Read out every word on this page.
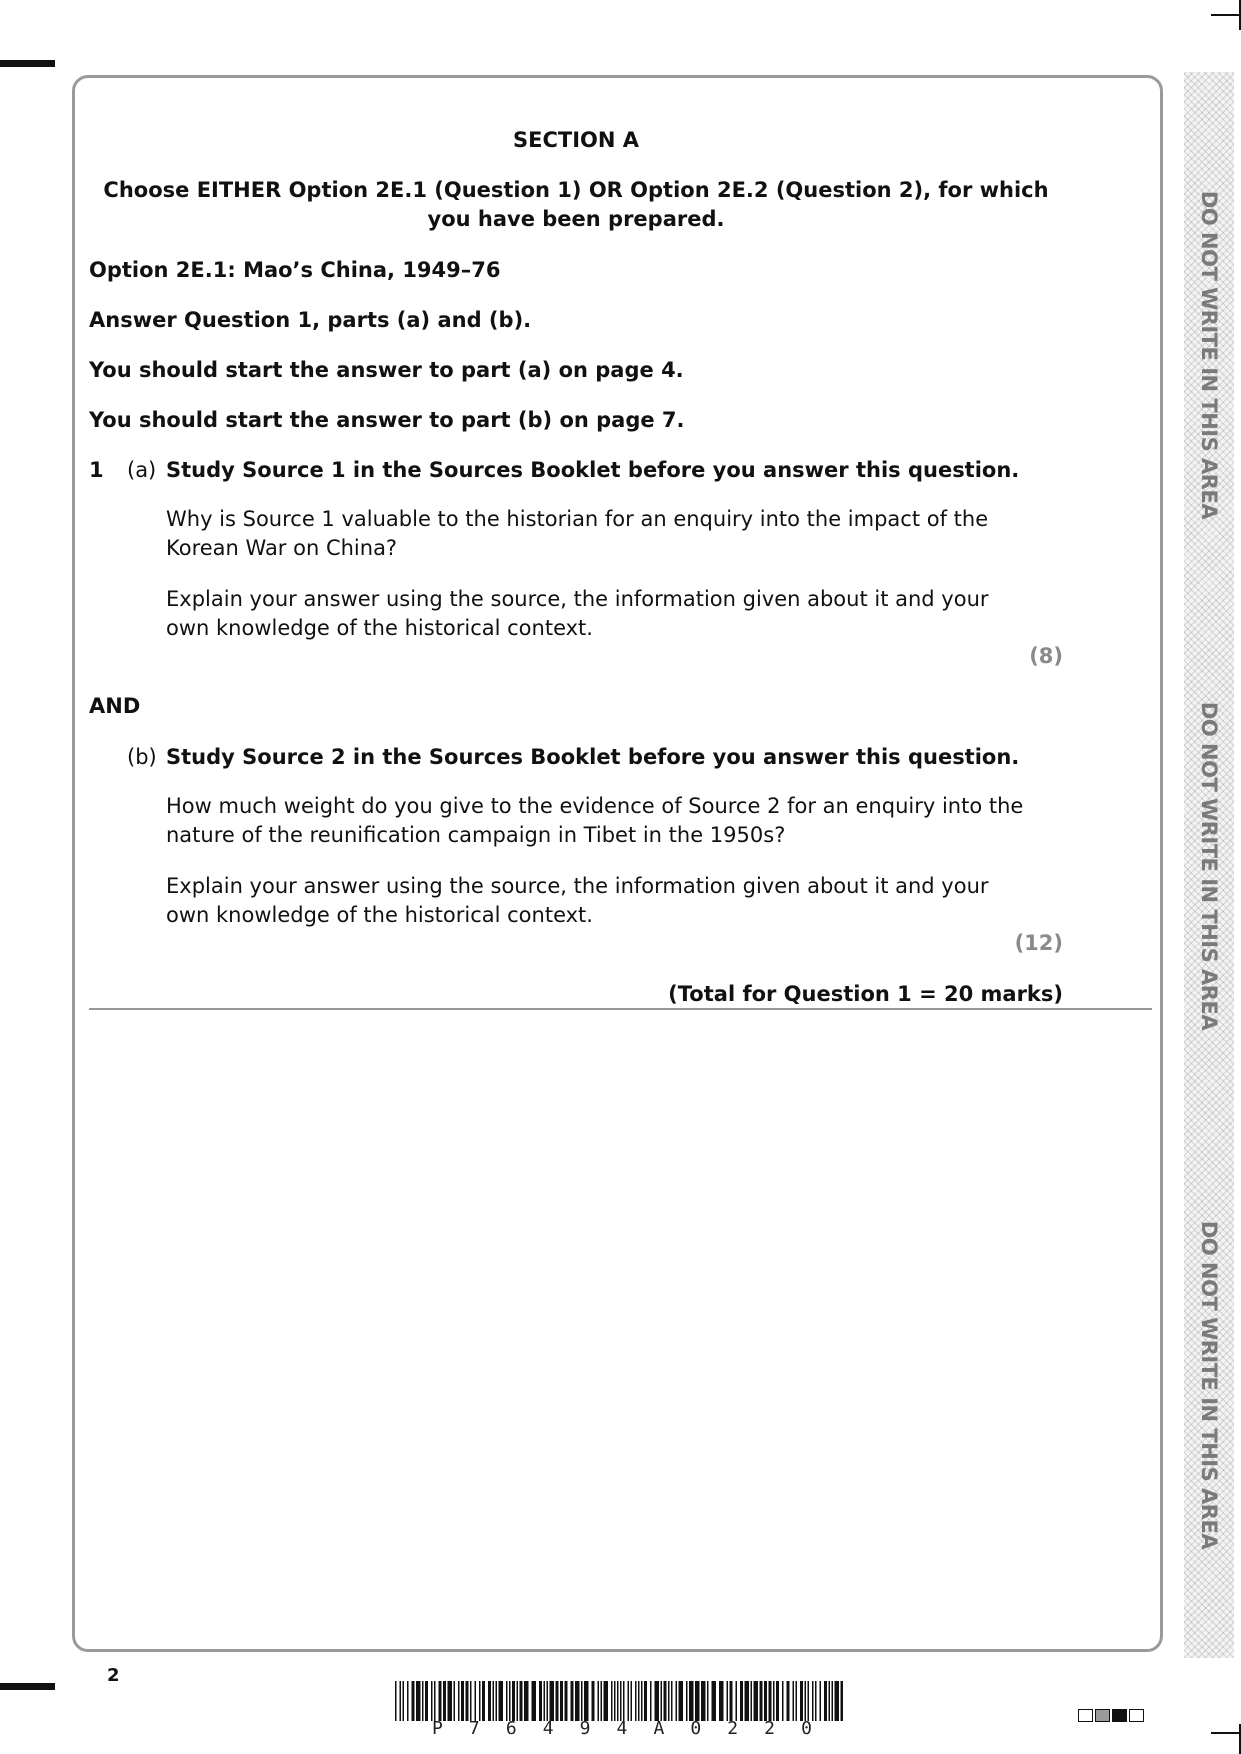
DO NOT WRITE IN THIS AREA
DO NOT WRITE IN THIS AREA
DO NOT WRITE IN THIS AREA
SECTION A
Choose EITHER Option 2E.1 (Question 1) OR Option 2E.2 (Question 2), for which
you have been prepared.
Option 2E.1: Mao’s China, 1949–76
Answer Question 1, parts (a) and (b).
You should start the answer to part (a) on page 4.
You should start the answer to part (b) on page 7.
1 (a) Study Source 1 in the Sources Booklet before you answer this question.
Why is Source 1 valuable to the historian for an enquiry into the impact of the
Korean War on China?
Explain your answer using the source, the information given about it and your
own knowledge of the historical context.
(8)
AND
(b) Study Source 2 in the Sources Booklet before you answer this question.
How much weight do you give to the evidence of Source 2 for an enquiry into the
nature of the reunification campaign in Tibet in the 1950s?
Explain your answer using the source, the information given about it and your
own knowledge of the historical context.
(12)
(Total for Question 1 = 20 marks)
2
P 7 6 4 9 4 A 0 2 2 0
